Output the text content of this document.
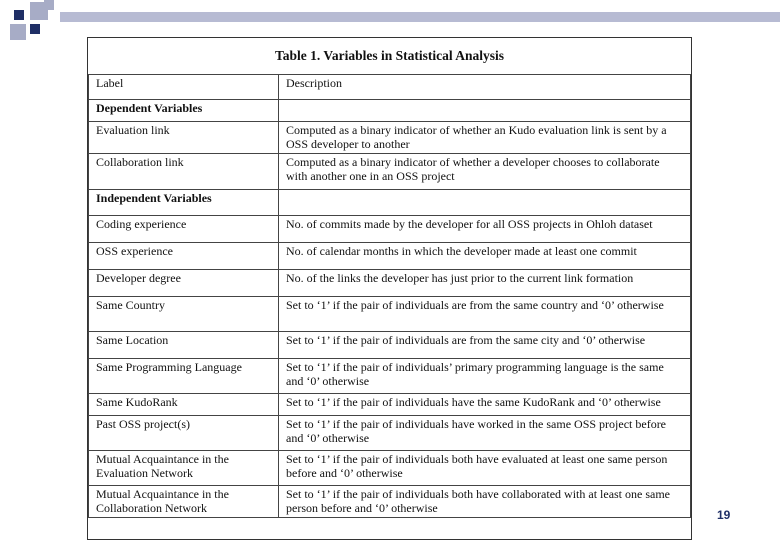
Table 1. Variables in Statistical Analysis
Label	Description
Dependent Variables	
Evaluation link	Computed as a binary indicator of whether an Kudo evaluation link is sent by a OSS developer to another
Collaboration link	Computed as a binary indicator of whether a developer chooses to collaborate with another one in an OSS project
Independent Variables	
Coding experience	No. of commits made by the developer for all OSS projects in Ohloh dataset
OSS experience	No. of calendar months in which the developer made at least one commit
Developer degree	No. of the links the developer has just prior to the current link formation
Same Country	Set to ‘1’ if the pair of individuals are from the same country and ‘0’ otherwise
Same Location	Set to ‘1’ if the pair of individuals are from the same city and ‘0’ otherwise
Same Programming Language	Set to ‘1’ if the pair of individuals’ primary programming language is the same and ‘0’ otherwise
Same KudoRank	Set to ‘1’ if the pair of individuals have the same KudoRank and ‘0’ otherwise
Past OSS project(s)	Set to ‘1’ if the pair of individuals have worked in the same OSS project before and ‘0’ otherwise
Mutual Acquaintance in the Evaluation Network	Set to ‘1’ if the pair of individuals both have evaluated at least one same person before and ‘0’ otherwise
Mutual Acquaintance in the Collaboration Network	Set to ‘1’ if the pair of individuals both have collaborated with at least one same person before and ‘0’ otherwise	19
